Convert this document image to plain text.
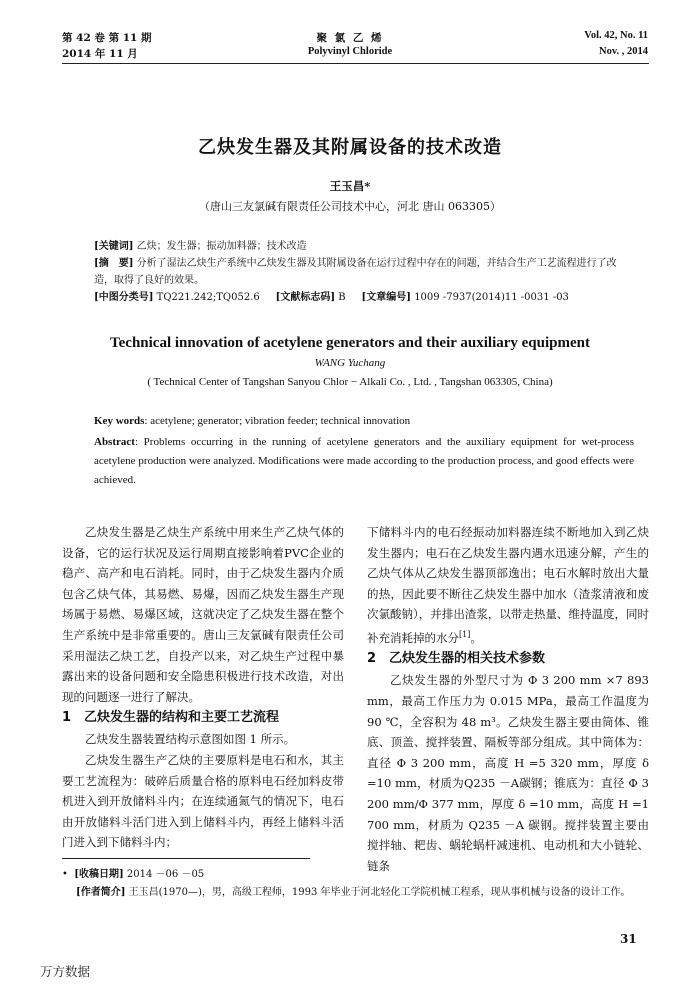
第 42 卷 第 11 期
2014 年 11 月
聚 氯 乙 烯
Polyvinyl Chloride
Vol. 42, No. 11
Nov. , 2014
乙炔发生器及其附属设备的技术改造
王玉昌*
（唐山三友氯碱有限责任公司技术中心，河北 唐山 063305）
[关键词] 乙炔；发生器；振动加料器；技术改造
[摘　要] 分析了湿法乙炔生产系统中乙炔发生器及其附属设备在运行过程中存在的问题，并结合生产工艺流程进行了改造，取得了良好的效果。
[中图分类号] TQ221.242;TQ052.6 [文献标志码] B [文章编号] 1009 -7937(2014)11 -0031 -03
Technical innovation of acetylene generators and their auxiliary equipment
WANG Yuchang
( Technical Center of Tangshan Sanyou Chlor − Alkali Co. , Ltd. , Tangshan 063305, China)
Key words: acetylene; generator; vibration feeder; technical innovation
Abstract: Problems occurring in the running of acetylene generators and the auxiliary equipment for wet-process acetylene production were analyzed. Modifications were made according to the production process, and good effects were achieved.

乙炔发生器是乙炔生产系统中用来生产乙炔气体的设备，它的运行状况及运行周期直接影响着PVC企业的稳产、高产和电石消耗。同时，由于乙炔发生器内介质包含乙炔气体，其易燃、易爆，因而乙炔发生器生产现场属于易燃、易爆区域，这就决定了乙炔发生器在整个生产系统中是非常重要的。唐山三友氯碱有限责任公司采用湿法乙炔工艺，自投产以来，对乙炔生产过程中暴露出来的设备问题和安全隐患积极进行技术改造，对出现的问题逐一进行了解决。

1　乙炔发生器的结构和主要工艺流程

乙炔发生器装置结构示意图如图 1 所示。

乙炔发生器生产乙炔的主要原料是电石和水，其主要工艺流程为：破碎后质量合格的原料电石经加料皮带机进入到开放储料斗内；在连续通氮气的情况下，电石由开放储料斗活门进入到上储料斗内，再经上储料斗活门进入到下储料斗内；

下储料斗内的电石经振动加料器连续不断地加入到乙炔发生器内；电石在乙炔发生器内遇水迅速分解，产生的乙炔气体从乙炔发生器顶部逸出；电石水解时放出大量的热，因此要不断往乙炔发生器中加水（渣浆清液和废次氯酸钠），并排出渣浆，以带走热量、维持温度，同时补充消耗掉的水分[1]。

2　乙炔发生器的相关技术参数

乙炔发生器的外型尺寸为 Φ 3 200 mm ×7 893 mm，最高工作压力为 0.015 MPa，最高工作温度为 90 ℃，全容积为 48 m³。乙炔发生器主要由筒体、锥底、顶盖、搅拌装置、隔板等部分组成。其中筒体为：直径 Φ 3 200 mm，高度 H =5 320 mm，厚度 δ =10 mm，材质为Q235 －A碳钢；锥底为：直径 Φ 3 200 mm/Φ 377 mm，厚度 δ =10 mm，高度 H =1 700 mm，材质为 Q235 －A 碳钢。搅拌装置主要由搅拌轴、耙齿、蜗轮蜗杆减速机、电动机和大小链轮、链条

•  [收稿日期] 2014 －06 －05
[作者简介] 王玉昌(1970—)，男，高级工程师，1993 年毕业于河北轻化工学院机械工程系，现从事机械与设备的设计工作。
31
万方数据
